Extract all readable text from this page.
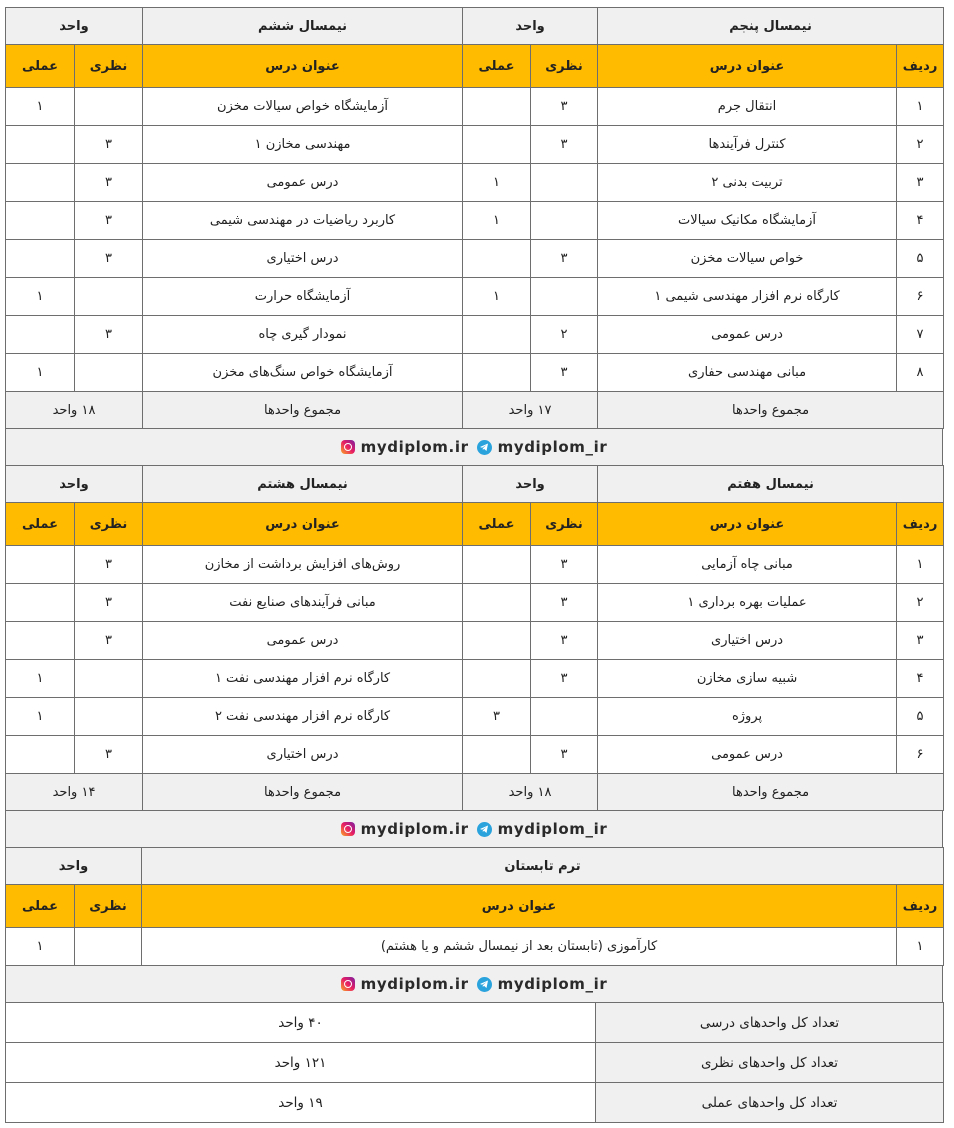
نیمسال پنجم		واحد		نیمسال ششم	واحد	
ردیف	عنوان درس	نظری	عملی	عنوان درس	نظری	عملی
۱	انتقال جرم	۳		آزمایشگاه خواص سیالات مخزن		۱
۲	کنترل فرآیندها	۳		مهندسی مخازن ۱	۳	
۳	تربیت بدنی ۲		۱	درس عمومی	۳	
۴	آزمایشگاه مکانیک سیالات		۱	کاربرد ریاضیات در مهندسی شیمی	۳	
۵	خواص سیالات مخزن	۳		درس اختیاری	۳	
۶	کارگاه نرم افزار مهندسی شیمی ۱		۱	آزمایشگاه حرارت		۱
۷	درس عمومی	۲		نمودار گیری چاه	۳	
۸	مبانی مهندسی حفاری	۳		آزمایشگاه خواص سنگ‌های مخزن		۱
مجموع واحدها		۱۷ واحد		مجموع واحدها	۱۸ واحد	
mydiplom.ir mydiplom_ir
نیمسال هفتم		واحد		نیمسال هشتم	واحد	
ردیف	عنوان درس	نظری	عملی	عنوان درس	نظری	عملی
۱	مبانی چاه آزمایی	۳		روش‌های افزایش برداشت از مخازن	۳	
۲	عملیات بهره برداری ۱	۳		مبانی فرآیندهای صنایع نفت	۳	
۳	درس اختیاری	۳		درس عمومی	۳	
۴	شبیه سازی مخازن	۳		کارگاه نرم افزار مهندسی نفت ۱		۱
۵	پروژه		۳	کارگاه نرم افزار مهندسی نفت ۲		۱
۶	درس عمومی	۳		درس اختیاری	۳	
مجموع واحدها		۱۸ واحد		مجموع واحدها	۱۴ واحد	
mydiplom.ir mydiplom_ir
ترم تابستان		واحد	
ردیف	عنوان درس	نظری	عملی
۱	کارآموزی (تابستان بعد از نیمسال ششم و یا هشتم)		۱
mydiplom.ir mydiplom_ir
تعداد کل واحدهای درسی	۴۰ واحد
تعداد کل واحدهای نظری	۱۲۱ واحد
تعداد کل واحدهای عملی	۱۹ واحد
